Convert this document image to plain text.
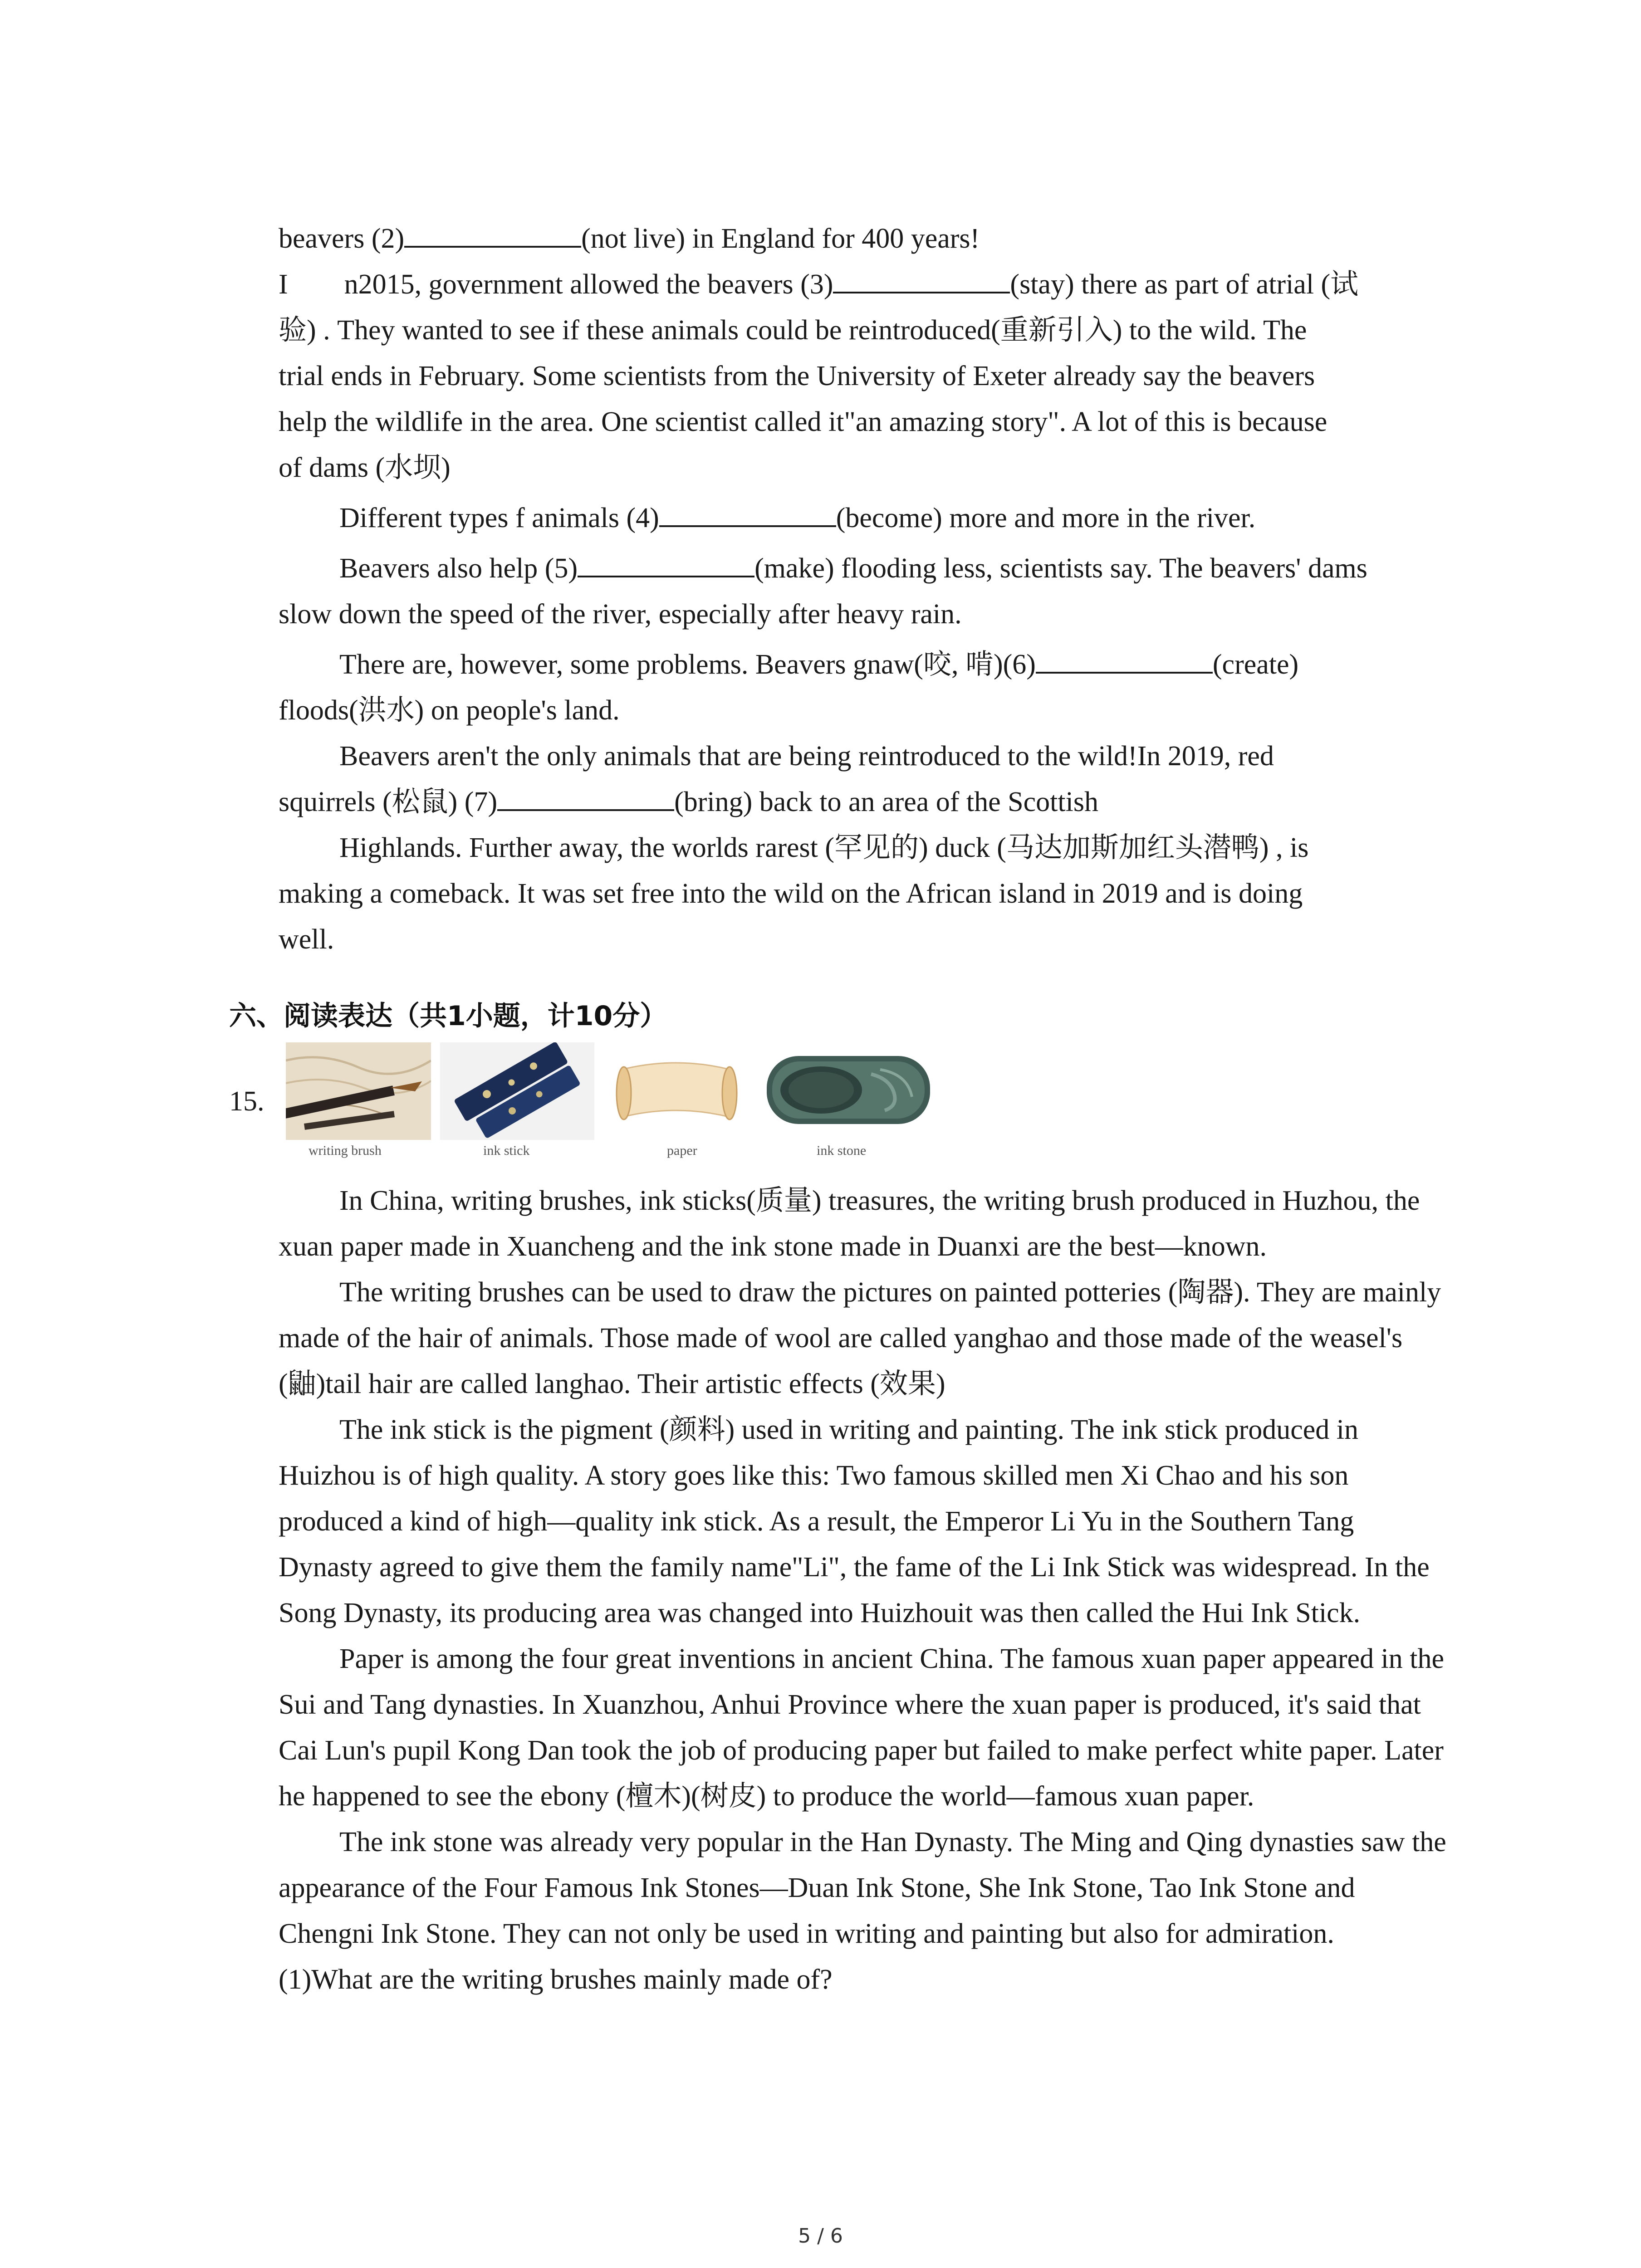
beavers (2)	(not live) in England for 400 years!
I        n2015, government allowed the beavers (3)	(stay) there as part of atrial (试
验) . They wanted to see if these animals could be reintroduced(重新引入) to the wild. The
trial ends in February. Some scientists from the University of Exeter already say the beavers
help the wildlife in the area. One scientist called it"an amazing story". A lot of this is because
of dams (水坝)
Different types f animals (4)	(become) more and more in the river.
Beavers also help (5)	(make) flooding less, scientists say. The beavers' dams
slow down the speed of the river, especially after heavy rain.
There are, however, some problems. Beavers gnaw(咬, 啃)(6)	(create)
floods(洪水) on people's land.
Beavers aren't the only animals that are being reintroduced to the wild!In 2019, red
squirrels (松鼠) (7)	(bring) back to an area of the Scottish
Highlands. Further away, the worlds rarest (罕见的) duck (马达加斯加红头潜鸭) , is
making a comeback. It was set free into the wild on the African island in 2019 and is doing
well.
六、阅读表达（共1小题，计10分）
15.
writing brush	ink stick	paper	ink stone

In China, writing brushes, ink sticks(质量) treasures, the writing brush produced in Huzhou, the xuan paper made in Xuancheng and the ink stone made in Duanxi are the best—known.

The writing brushes can be used to draw the pictures on painted potteries (陶器). They are mainly made of the hair of animals. Those made of wool are called yanghao and those made of the weasel's (鼬)tail hair are called langhao. Their artistic effects (效果)

The ink stick is the pigment (颜料) used in writing and painting. The ink stick produced in Huizhou is of high quality. A story goes like this: Two famous skilled men Xi Chao and his son produced a kind of high—quality ink stick. As a result, the Emperor Li Yu in the Southern Tang Dynasty agreed to give them the family name"Li", the fame of the Li Ink Stick was widespread. In the Song Dynasty, its producing area was changed into Huizhouit was then called the Hui Ink Stick.

Paper is among the four great inventions in ancient China. The famous xuan paper appeared in the Sui and Tang dynasties. In Xuanzhou, Anhui Province where the xuan paper is produced, it's said that Cai Lun's pupil Kong Dan took the job of producing paper but failed to make perfect white paper. Later he happened to see the ebony (檀木)(树皮) to produce the world—famous xuan paper.

The ink stone was already very popular in the Han Dynasty. The Ming and Qing dynasties saw the appearance of the Four Famous Ink Stones—Duan Ink Stone, She Ink Stone, Tao Ink Stone and Chengni Ink Stone. They can not only be used in writing and painting but also for admiration.

(1)What are the writing brushes mainly made of?

5 / 6
